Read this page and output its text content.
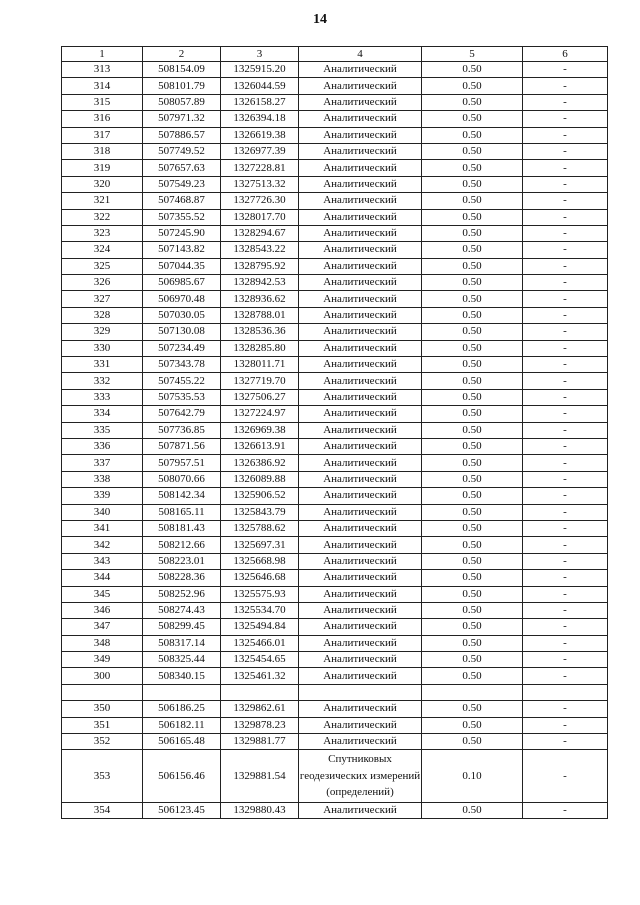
14
1	2	3	4	5	6
313	508154.09	1325915.20	Аналитический	0.50	-
314	508101.79	1326044.59	Аналитический	0.50	-
315	508057.89	1326158.27	Аналитический	0.50	-
316	507971.32	1326394.18	Аналитический	0.50	-
317	507886.57	1326619.38	Аналитический	0.50	-
318	507749.52	1326977.39	Аналитический	0.50	-
319	507657.63	1327228.81	Аналитический	0.50	-
320	507549.23	1327513.32	Аналитический	0.50	-
321	507468.87	1327726.30	Аналитический	0.50	-
322	507355.52	1328017.70	Аналитический	0.50	-
323	507245.90	1328294.67	Аналитический	0.50	-
324	507143.82	1328543.22	Аналитический	0.50	-
325	507044.35	1328795.92	Аналитический	0.50	-
326	506985.67	1328942.53	Аналитический	0.50	-
327	506970.48	1328936.62	Аналитический	0.50	-
328	507030.05	1328788.01	Аналитический	0.50	-
329	507130.08	1328536.36	Аналитический	0.50	-
330	507234.49	1328285.80	Аналитический	0.50	-
331	507343.78	1328011.71	Аналитический	0.50	-
332	507455.22	1327719.70	Аналитический	0.50	-
333	507535.53	1327506.27	Аналитический	0.50	-
334	507642.79	1327224.97	Аналитический	0.50	-
335	507736.85	1326969.38	Аналитический	0.50	-
336	507871.56	1326613.91	Аналитический	0.50	-
337	507957.51	1326386.92	Аналитический	0.50	-
338	508070.66	1326089.88	Аналитический	0.50	-
339	508142.34	1325906.52	Аналитический	0.50	-
340	508165.11	1325843.79	Аналитический	0.50	-
341	508181.43	1325788.62	Аналитический	0.50	-
342	508212.66	1325697.31	Аналитический	0.50	-
343	508223.01	1325668.98	Аналитический	0.50	-
344	508228.36	1325646.68	Аналитический	0.50	-
345	508252.96	1325575.93	Аналитический	0.50	-
346	508274.43	1325534.70	Аналитический	0.50	-
347	508299.45	1325494.84	Аналитический	0.50	-
348	508317.14	1325466.01	Аналитический	0.50	-
349	508325.44	1325454.65	Аналитический	0.50	-
300	508340.15	1325461.32	Аналитический	0.50	-

350	506186.25	1329862.61	Аналитический	0.50	-
351	506182.11	1329878.23	Аналитический	0.50	-
352	506165.48	1329881.77	Аналитический	0.50	-
353	506156.46	1329881.54	Спутниковых геодезических измерений (определений)	0.10	-
354	506123.45	1329880.43	Аналитический	0.50	-
